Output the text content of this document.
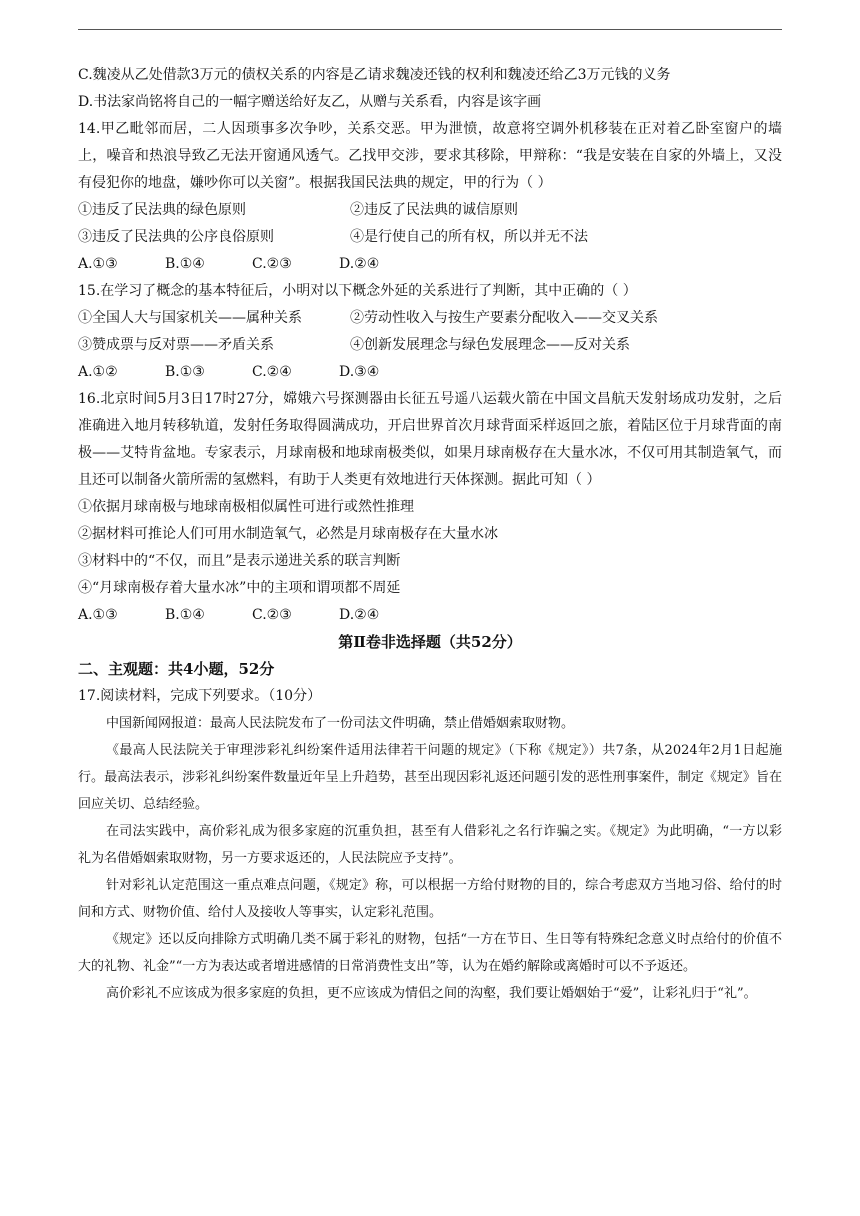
C.魏凌从乙处借款3万元的债权关系的内容是乙请求魏凌还钱的权利和魏凌还给乙3万元钱的义务
D.书法家尚铭将自己的一幅字赠送给好友乙，从赠与关系看，内容是该字画
14.甲乙毗邻而居，二人因琐事多次争吵，关系交恶。甲为泄愤，故意将空调外机移装在正对着乙卧室窗户的墙上，噪音和热浪导致乙无法开窗通风透气。乙找甲交涉，要求其移除，甲辩称：“我是安装在自家的外墙上，又没有侵犯你的地盘，嫌吵你可以关窗”。根据我国民法典的规定，甲的行为（ ）
①违反了民法典的绿色原则	②违反了民法典的诚信原则
③违反了民法典的公序良俗原则	④是行使自己的所有权，所以并无不法
A.①③	B.①④	C.②③	D.②④
15.在学习了概念的基本特征后，小明对以下概念外延的关系进行了判断，其中正确的（ ）
①全国人大与国家机关——属种关系	②劳动性收入与按生产要素分配收入——交叉关系
③赞成票与反对票——矛盾关系	④创新发展理念与绿色发展理念——反对关系
A.①②	B.①③	C.②④	D.③④
16.北京时间5月3日17时27分，嫦娥六号探测器由长征五号遥八运载火箭在中国文昌航天发射场成功发射，之后准确进入地月转移轨道，发射任务取得圆满成功，开启世界首次月球背面采样返回之旅，着陆区位于月球背面的南极——艾特肯盆地。专家表示，月球南极和地球南极类似，如果月球南极存在大量水冰，不仅可用其制造氧气，而且还可以制备火箭所需的氢燃料，有助于人类更有效地进行天体探测。据此可知（ ）
①依据月球南极与地球南极相似属性可进行或然性推理
②据材料可推论人们可用水制造氧气，必然是月球南极存在大量水冰
③材料中的“不仅，而且”是表示递进关系的联言判断
④“月球南极存着大量水冰”中的主项和谓项都不周延
A.①③	B.①④	C.②③	D.②④
第Ⅱ卷非选择题（共52分）
二、主观题：共4小题，52分
17.阅读材料，完成下列要求。（10分）
中国新闻网报道：最高人民法院发布了一份司法文件明确，禁止借婚姻索取财物。
《最高人民法院关于审理涉彩礼纠纷案件适用法律若干问题的规定》（下称《规定》）共7条，从2024年2月1日起施行。最高法表示，涉彩礼纠纷案件数量近年呈上升趋势，甚至出现因彩礼返还问题引发的恶性刑事案件，制定《规定》旨在回应关切、总结经验。
在司法实践中，高价彩礼成为很多家庭的沉重负担，甚至有人借彩礼之名行诈骗之实。《规定》为此明确，“一方以彩礼为名借婚姻索取财物，另一方要求返还的，人民法院应予支持”。
针对彩礼认定范围这一重点难点问题，《规定》称，可以根据一方给付财物的目的，综合考虑双方当地习俗、给付的时间和方式、财物价值、给付人及接收人等事实，认定彩礼范围。
《规定》还以反向排除方式明确几类不属于彩礼的财物，包括“一方在节日、生日等有特殊纪念意义时点给付的价值不大的礼物、礼金”“一方为表达或者增进感情的日常消费性支出”等，认为在婚约解除或离婚时可以不予返还。
高价彩礼不应该成为很多家庭的负担，更不应该成为情侣之间的沟壑，我们要让婚姻始于“爱”，让彩礼归于“礼”。
